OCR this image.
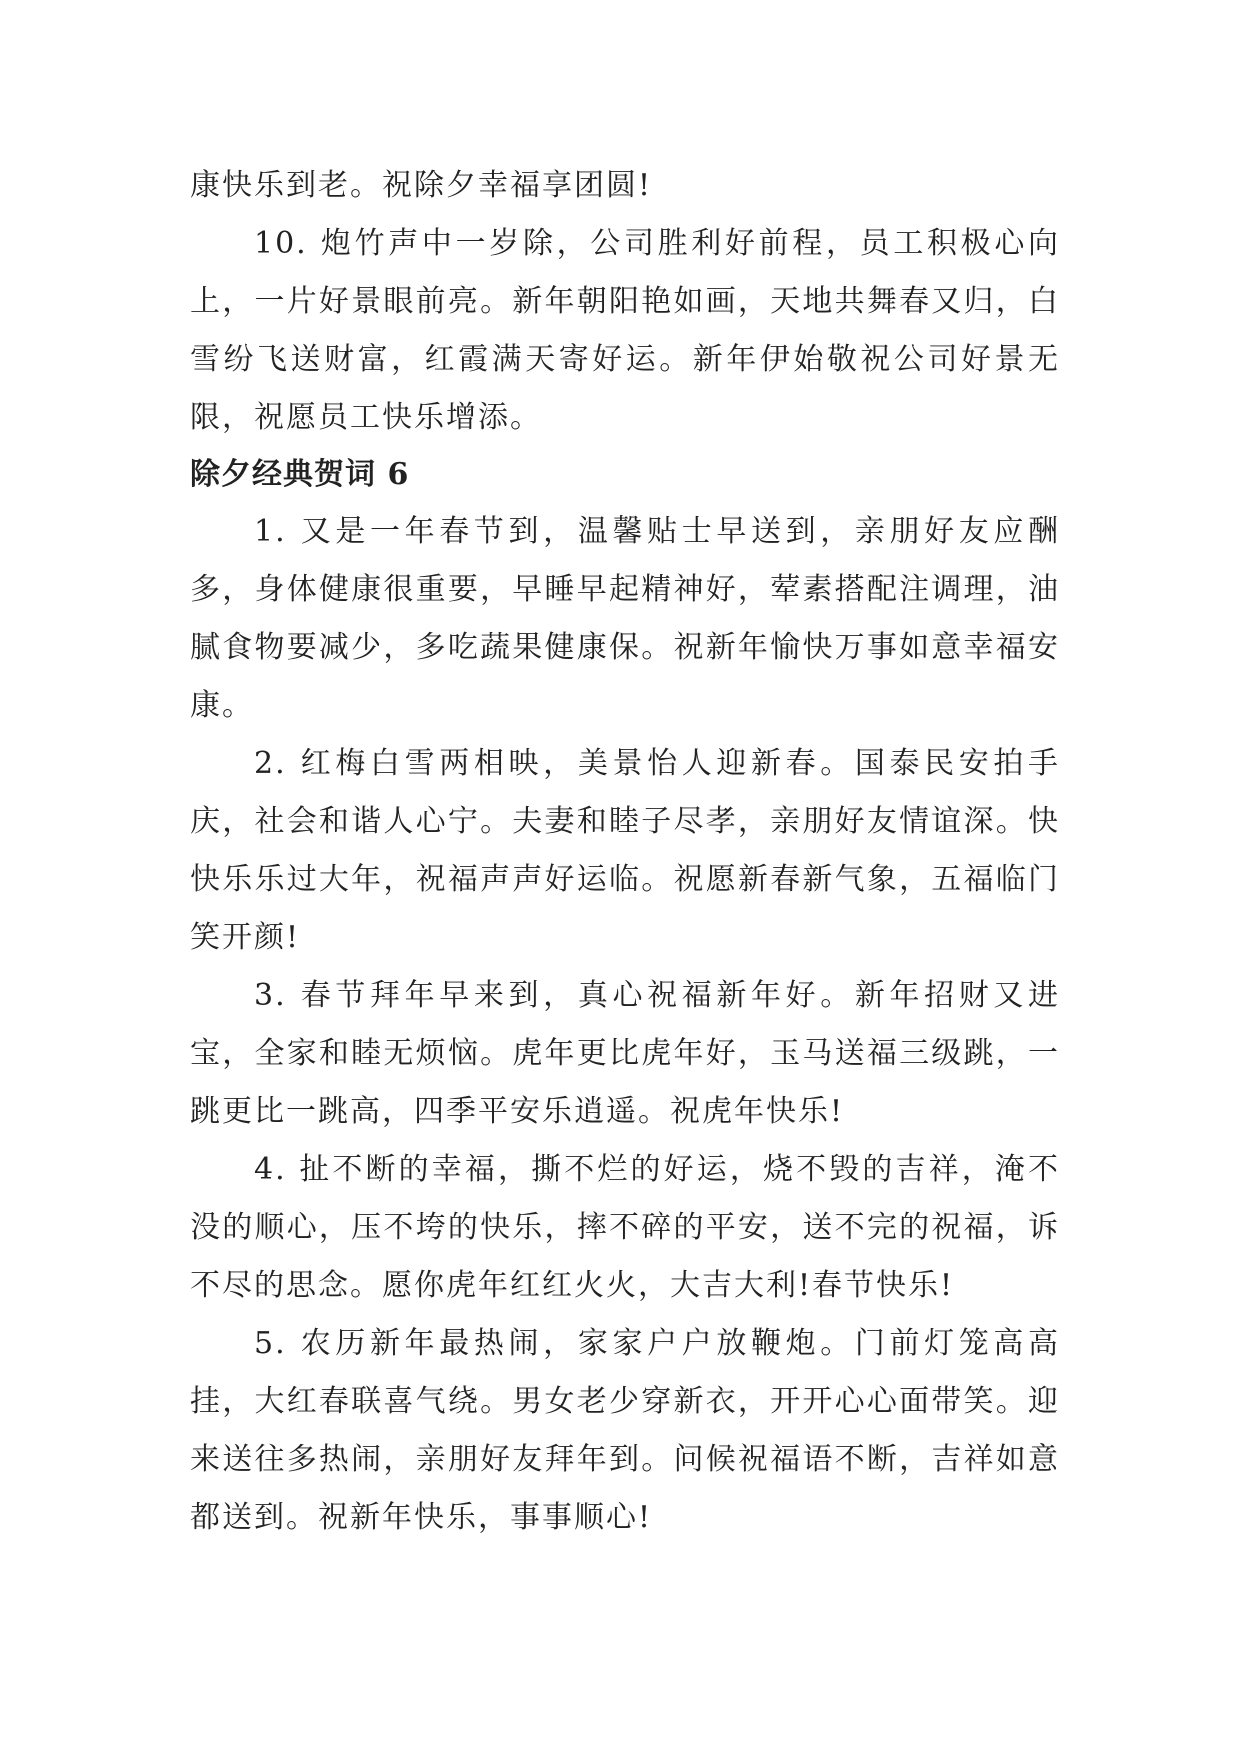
康快乐到老。祝除夕幸福享团圆!

10. 炮竹声中一岁除，公司胜利好前程，员工积极心向上，一片好景眼前亮。新年朝阳艳如画，天地共舞春又归，白雪纷飞送财富，红霞满天寄好运。新年伊始敬祝公司好景无限，祝愿员工快乐增添。

除夕经典贺词 6

1. 又是一年春节到，温馨贴士早送到，亲朋好友应酬多，身体健康很重要，早睡早起精神好，荤素搭配注调理，油腻食物要减少，多吃蔬果健康保。祝新年愉快万事如意幸福安康。

2. 红梅白雪两相映，美景怡人迎新春。国泰民安拍手庆，社会和谐人心宁。夫妻和睦子尽孝，亲朋好友情谊深。快快乐乐过大年，祝福声声好运临。祝愿新春新气象，五福临门笑开颜!

3. 春节拜年早来到，真心祝福新年好。新年招财又进宝，全家和睦无烦恼。虎年更比虎年好，玉马送福三级跳，一跳更比一跳高，四季平安乐逍遥。祝虎年快乐!

4. 扯不断的幸福，撕不烂的好运，烧不毁的吉祥，淹不没的顺心，压不垮的快乐，摔不碎的平安，送不完的祝福，诉不尽的思念。愿你虎年红红火火，大吉大利!春节快乐!

5. 农历新年最热闹，家家户户放鞭炮。门前灯笼高高挂，大红春联喜气绕。男女老少穿新衣，开开心心面带笑。迎来送往多热闹，亲朋好友拜年到。问候祝福语不断，吉祥如意都送到。祝新年快乐，事事顺心!
